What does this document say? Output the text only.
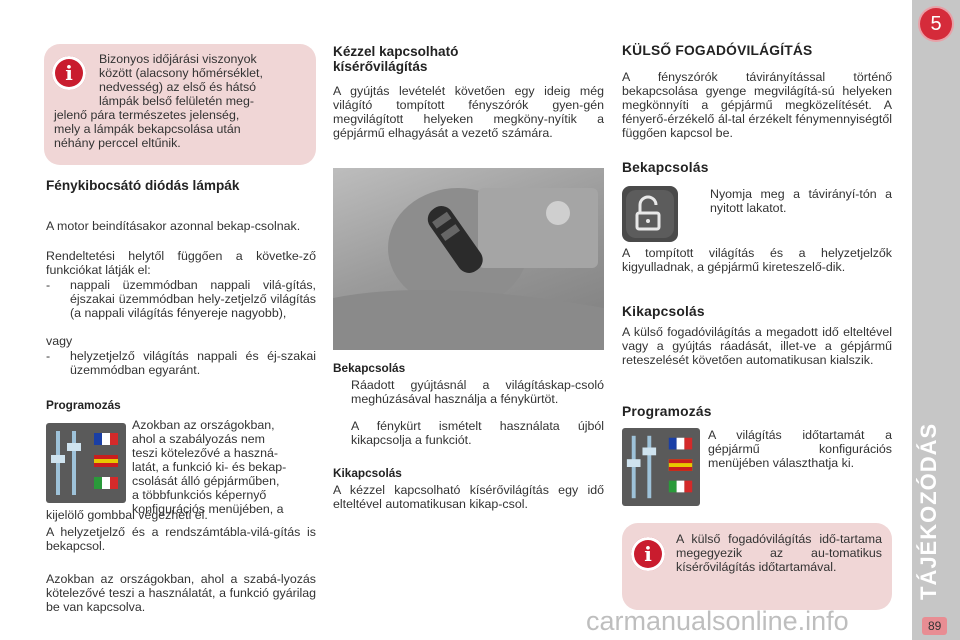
i
Bizonyos időjárási viszonyok
között (alacsony hőmérséklet,
nedvesség) az első és hátsó
lámpák belső felületén meg-
jelenő pára természetes jelenség,
mely a lámpák bekapcsolása után
néhány perccel eltűnik.
Fénykibocsátó diódás lámpák
A motor beindításakor azonnal bekap-csolnak.
Rendeltetési helytől függően a követke-ző funkciókat látják el:
-	nappali üzemmódban nappali vilá-gítás, éjszakai üzemmódban hely-zetjelző világítás (a nappali világítás fényereje nagyobb),
vagy
-	helyzetjelző világítás nappali és éj-szakai üzemmódban egyaránt.
Programozás
Azokban az országokban,
ahol a szabályozás nem
teszi kötelezővé a haszná-
latát, a funkció ki- és bekap-
csolását álló gépjárműben,
a többfunkciós képernyő
konfigurációs menüjében, a
kijelölő gombbal végezheti el.
A helyzetjelző és a rendszámtábla-vilá-gítás is bekapcsol.
Azokban az országokban, ahol a szabá-lyozás kötelezővé teszi a használatát, a funkció gyárilag be van kapcsolva.
Kézzel kapcsolható
kísérővilágítás
A gyújtás levételét követően egy ideig még világító tompított fényszórók gyen-gén megvilágított helyeken megköny-nyítik a gépjármű elhagyását a vezető számára.
Bekapcsolás
Ráadott gyújtásnál a világításkap-csoló meghúzásával használja a fénykürtöt.
A fénykürt ismételt használata újból kikapcsolja a funkciót.
Kikapcsolás
A kézzel kapcsolható kísérővilágítás egy idő elteltével automatikusan kikap-csol.
KÜLSŐ FOGADÓVILÁGÍTÁS
A fényszórók távirányítással történő bekapcsolása gyenge megvilágítá-sú helyeken megkönnyíti a gépjármű megközelítését. A fényerő-érzékelő ál-tal érzékelt fénymennyiségtől függően kapcsol be.
Bekapcsolás
Nyomja meg a távirányí-tón a nyitott lakatot.
A tompított világítás és a helyzetjelzők kigyulladnak, a gépjármű kireteszelő-dik.
Kikapcsolás
A külső fogadóvilágítás a megadott idő elteltével vagy a gyújtás ráadását, illet-ve a gépjármű reteszelését követően automatikusan kialszik.
Programozás
A világítás időtartamát a gépjármű konfigurációs menüjében választhatja ki.
i
A külső fogadóvilágítás idő-tartama megegyezik az au-tomatikus kísérővilágítás időtartamával.
5
TÁJÉKOZÓDÁS
89
carmanualsonline.info
